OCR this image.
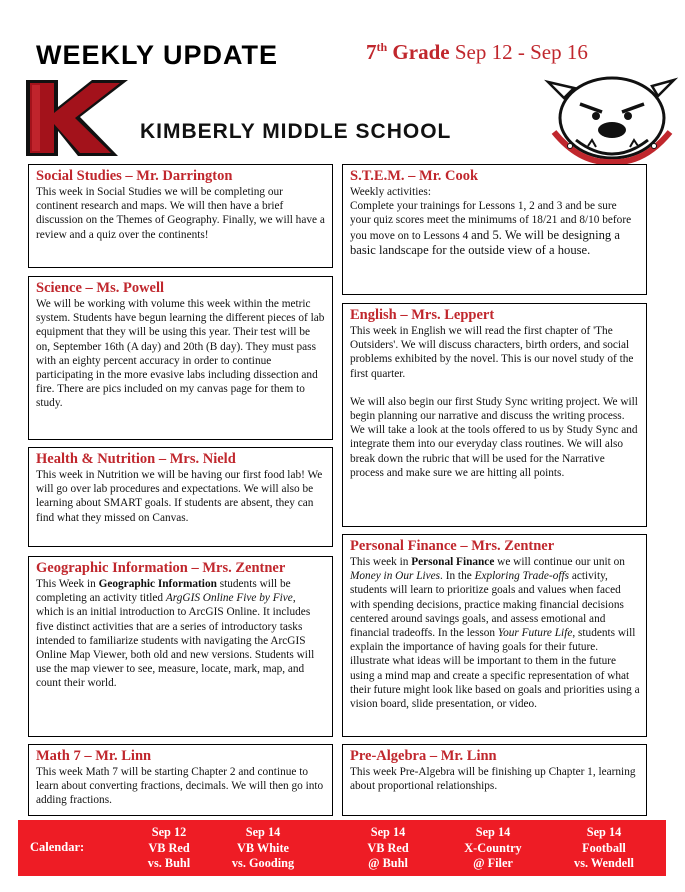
WEEKLY UPDATE	7th Grade Sep 12 - Sep 16
KIMBERLY MIDDLE SCHOOL
Social Studies – Mr. Darrington

This week in Social Studies we will be completing our continent research and maps. We will then have a brief discussion on the Themes of Geography. Finally, we will have a review and a quiz over the continents!

Science – Ms. Powell

We will be working with volume this week within the metric system. Students have begun learning the different pieces of lab equipment that they will be using this year. Their test will be on, September 16th (A day) and 20th (B day). They must pass with an eighty percent accuracy in order to continue participating in the more evasive labs including dissection and fire. There are pics included on my canvas page for them to study.

Health & Nutrition – Mrs. Nield

This week in Nutrition we will be having our first food lab! We will go over lab procedures and expectations. We will also be learning about SMART goals. If students are absent, they can find what they missed on Canvas.

Geographic Information – Mrs. Zentner

This Week in Geographic Information students will be completing an activity titled ArgGIS Online Five by Five, which is an initial introduction to ArcGIS Online. It includes five distinct activities that are a series of introductory tasks intended to familiarize students with navigating the ArcGIS Online Map Viewer, both old and new versions. Students will use the map viewer to see, measure, locate, mark, map, and count their world.

Math 7 – Mr. Linn

This week Math 7 will be starting Chapter 2 and continue to learn about converting fractions, decimals. We will then go into adding fractions.

S.T.E.M. – Mr. Cook

Weekly activities:

Complete your trainings for Lessons 1, 2 and 3 and be sure your quiz scores meet the minimums of 18/21 and 8/10 before you move on to Lessons 4 and 5. We will be designing a basic landscape for the outside view of a house.

English – Mrs. Leppert

This week in English we will read the first chapter of 'The Outsiders'. We will discuss characters, birth orders, and social problems exhibited by the novel. This is our novel study of the first quarter.

We will also begin our first Study Sync writing project. We will begin planning our narrative and discuss the writing process. We will take a look at the tools offered to us by Study Sync and integrate them into our everyday class routines. We will also break down the rubric that will be used for the Narrative process and make sure we are hitting all points.

Personal Finance – Mrs. Zentner

This week in Personal Finance we will continue our unit on Money in Our Lives. In the Exploring Trade-offs activity, students will learn to prioritize goals and values when faced with spending decisions, practice making financial decisions centered around savings goals, and assess emotional and financial tradeoffs. In the lesson Your Future Life, students will explain the importance of having goals for their future. illustrate what ideas will be important to them in the future using a mind map and create a specific representation of what their future might look like based on goals and priorities using a vision board, slide presentation, or video.

Pre-Algebra – Mr. Linn

This week Pre-Algebra will be finishing up Chapter 1, learning about proportional relationships.

Calendar:
Sep 12
VB Red
vs. Buhl
Sep 14
VB White
vs. Gooding
Sep 14
VB Red
@ Buhl
Sep 14
X-Country
@ Filer
Sep 14
Football
vs. Wendell
